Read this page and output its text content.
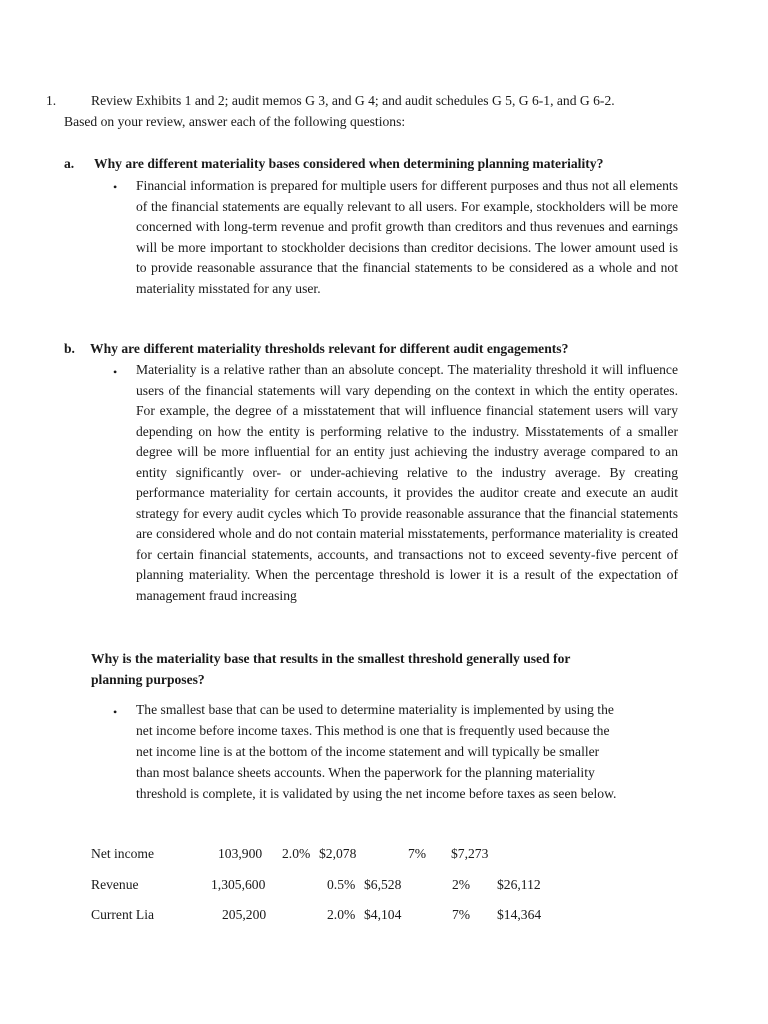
1.	Review Exhibits 1 and 2; audit memos G 3, and G 4; and audit schedules G 5, G 6-1, and G 6-2.
Based on your review, answer each of the following questions:
a. Why are different materiality bases considered when determining planning materiality?
• Financial information is prepared for multiple users for different purposes and thus not all elements of the financial statements are equally relevant to all users. For example, stockholders will be more concerned with long-term revenue and profit growth than creditors and thus revenues and earnings will be more important to stockholder decisions than creditor decisions. The lower amount used is to provide reasonable assurance that the financial statements to be considered as a whole and not materiality misstated for any user.
b. Why are different materiality thresholds relevant for different audit engagements?
• Materiality is a relative rather than an absolute concept. The materiality threshold it will influence users of the financial statements will vary depending on the context in which the entity operates. For example, the degree of a misstatement that will influence financial statement users will vary depending on how the entity is performing relative to the industry. Misstatements of a smaller degree will be more influential for an entity just achieving the industry average compared to an entity significantly over- or under-achieving relative to the industry average. By creating performance materiality for certain accounts, it provides the auditor create and execute an audit strategy for every audit cycles which To provide reasonable assurance that the financial statements are considered whole and do not contain material misstatements, performance materiality is created for certain financial statements, accounts, and transactions not to exceed seventy-five percent of planning materiality. When the percentage threshold is lower it is a result of the expectation of management fraud increasing
Why is the materiality base that results in the smallest threshold generally used for
planning purposes?
• The smallest base that can be used to determine materiality is implemented by using the
net income before income taxes. This method is one that is frequently used because the
net income line is at the bottom of the income statement and will typically be smaller
than most balance sheets accounts. When the paperwork for the planning materiality
threshold is complete, it is validated by using the net income before taxes as seen below.
Net income	103,900 2.0% $2,078	7% $7,273
Revenue	1,305,600	0.5% $6,528	2% $26,112
Current Lia	205,200	2.0% $4,104	7% $14,364
